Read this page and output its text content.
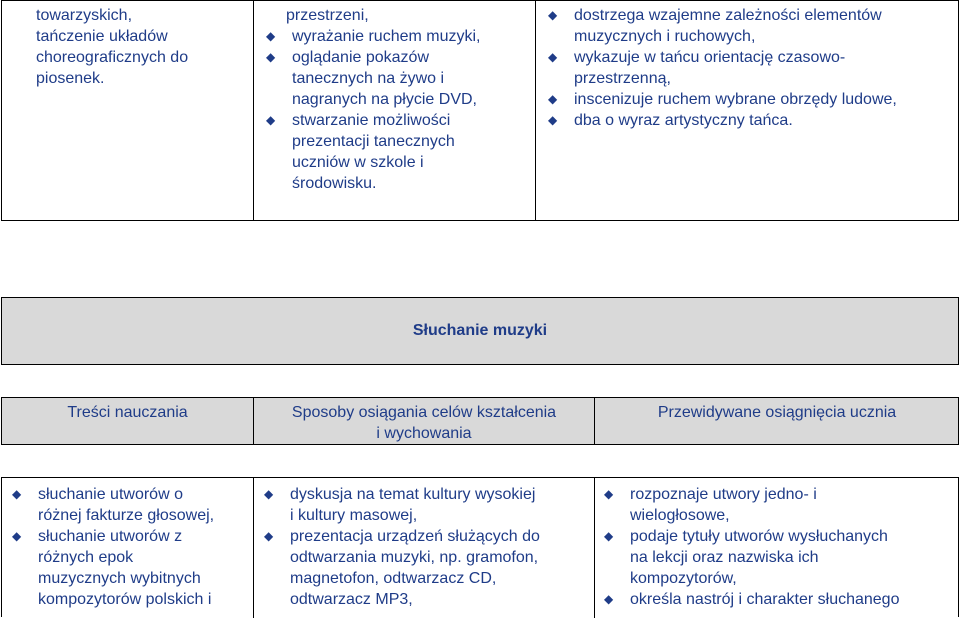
towarzyskich,
tańczenie układów
choreograficznych do
piosenek.
przestrzeni,
◆ wyrażanie ruchem muzyki,
◆ oglądanie pokazów
tanecznych na żywo i
nagranych na płycie DVD,
◆ stwarzanie możliwości
prezentacji tanecznych
uczniów w szkole i
środowisku.
◆ dostrzega wzajemne zależności elementów
muzycznych i ruchowych,
◆ wykazuje w tańcu orientację czasowo-
przestrzenną,
◆ inscenizuje ruchem wybrane obrzędy ludowe,
◆ dba o wyraz artystyczny tańca.
Słuchanie muzyki
Treści nauczania	Sposoby osiągania celów kształcenia
i wychowania
Przewidywane osiągnięcia ucznia
◆ słuchanie utworów o
różnej fakturze głosowej,
◆ słuchanie utworów z
różnych epok
muzycznych wybitnych
kompozytorów polskich i
◆ dyskusja na temat kultury wysokiej
i kultury masowej,
◆ prezentacja urządzeń służących do
odtwarzania muzyki, np. gramofon,
magnetofon, odtwarzacz CD,
odtwarzacz MP3,
◆ rozpoznaje utwory jedno- i
wielogłosowe,
◆ podaje tytuły utworów wysłuchanych
na lekcji oraz nazwiska ich
kompozytorów,
◆ określa nastrój i charakter słuchanego
